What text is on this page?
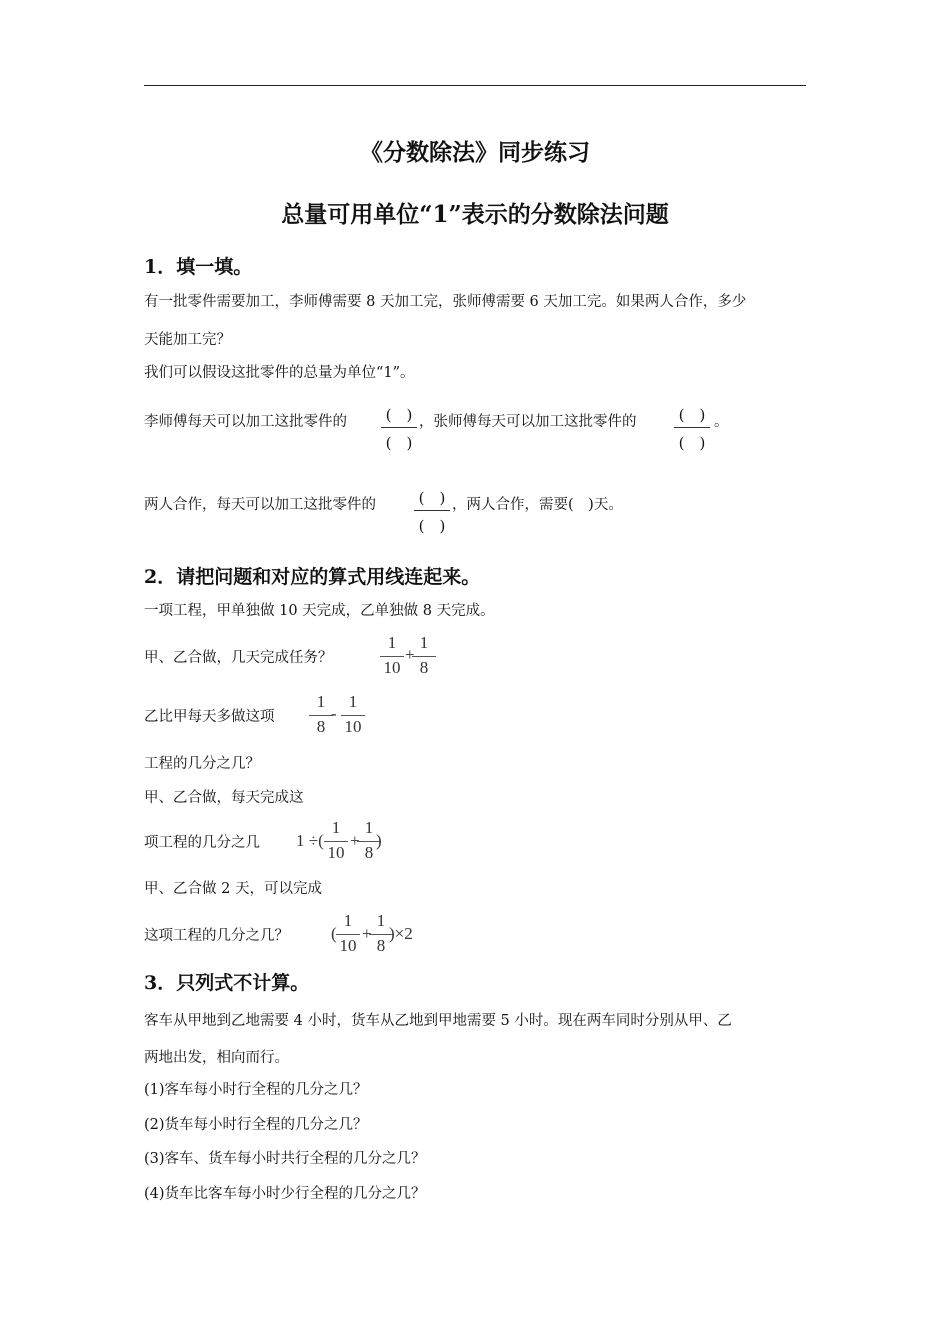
《分数除法》同步练习
总量可用单位“1”表示的分数除法问题
1．填一填。
有一批零件需要加工，李师傅需要 8 天加工完，张师傅需要 6 天加工完。如果两人合作，多少
天能加工完？
我们可以假设这批零件的总量为单位“1”。
李师傅每天可以加工这批零件的	(　)
(　)
，张师傅每天可以加工这批零件的	(　)
(　)
。
两人合作，每天可以加工这批零件的	(　)
(　)
，两人合作，需要(　)天。
2．请把问题和对应的算式用线连起来。
一项工程，甲单独做 10 天完成，乙单独做 8 天完成。
甲、乙合做，几天完成任务？
1
10
+
1
8
乙比甲每天多做这项
1
8
-
1
10
工程的几分之几？
甲、乙合做，每天完成这
项工程的几分之几 1 ÷(
1
10
+
1
8
)
甲、乙合做 2 天，可以完成
这项工程的几分之几？ (
1
10
+
1
8
)×2
3．只列式不计算。
客车从甲地到乙地需要 4 小时，货车从乙地到甲地需要 5 小时。现在两车同时分别从甲、乙
两地出发，相向而行。
(1)客车每小时行全程的几分之几？
(2)货车每小时行全程的几分之几？
(3)客车、货车每小时共行全程的几分之几？
(4)货车比客车每小时少行全程的几分之几？
